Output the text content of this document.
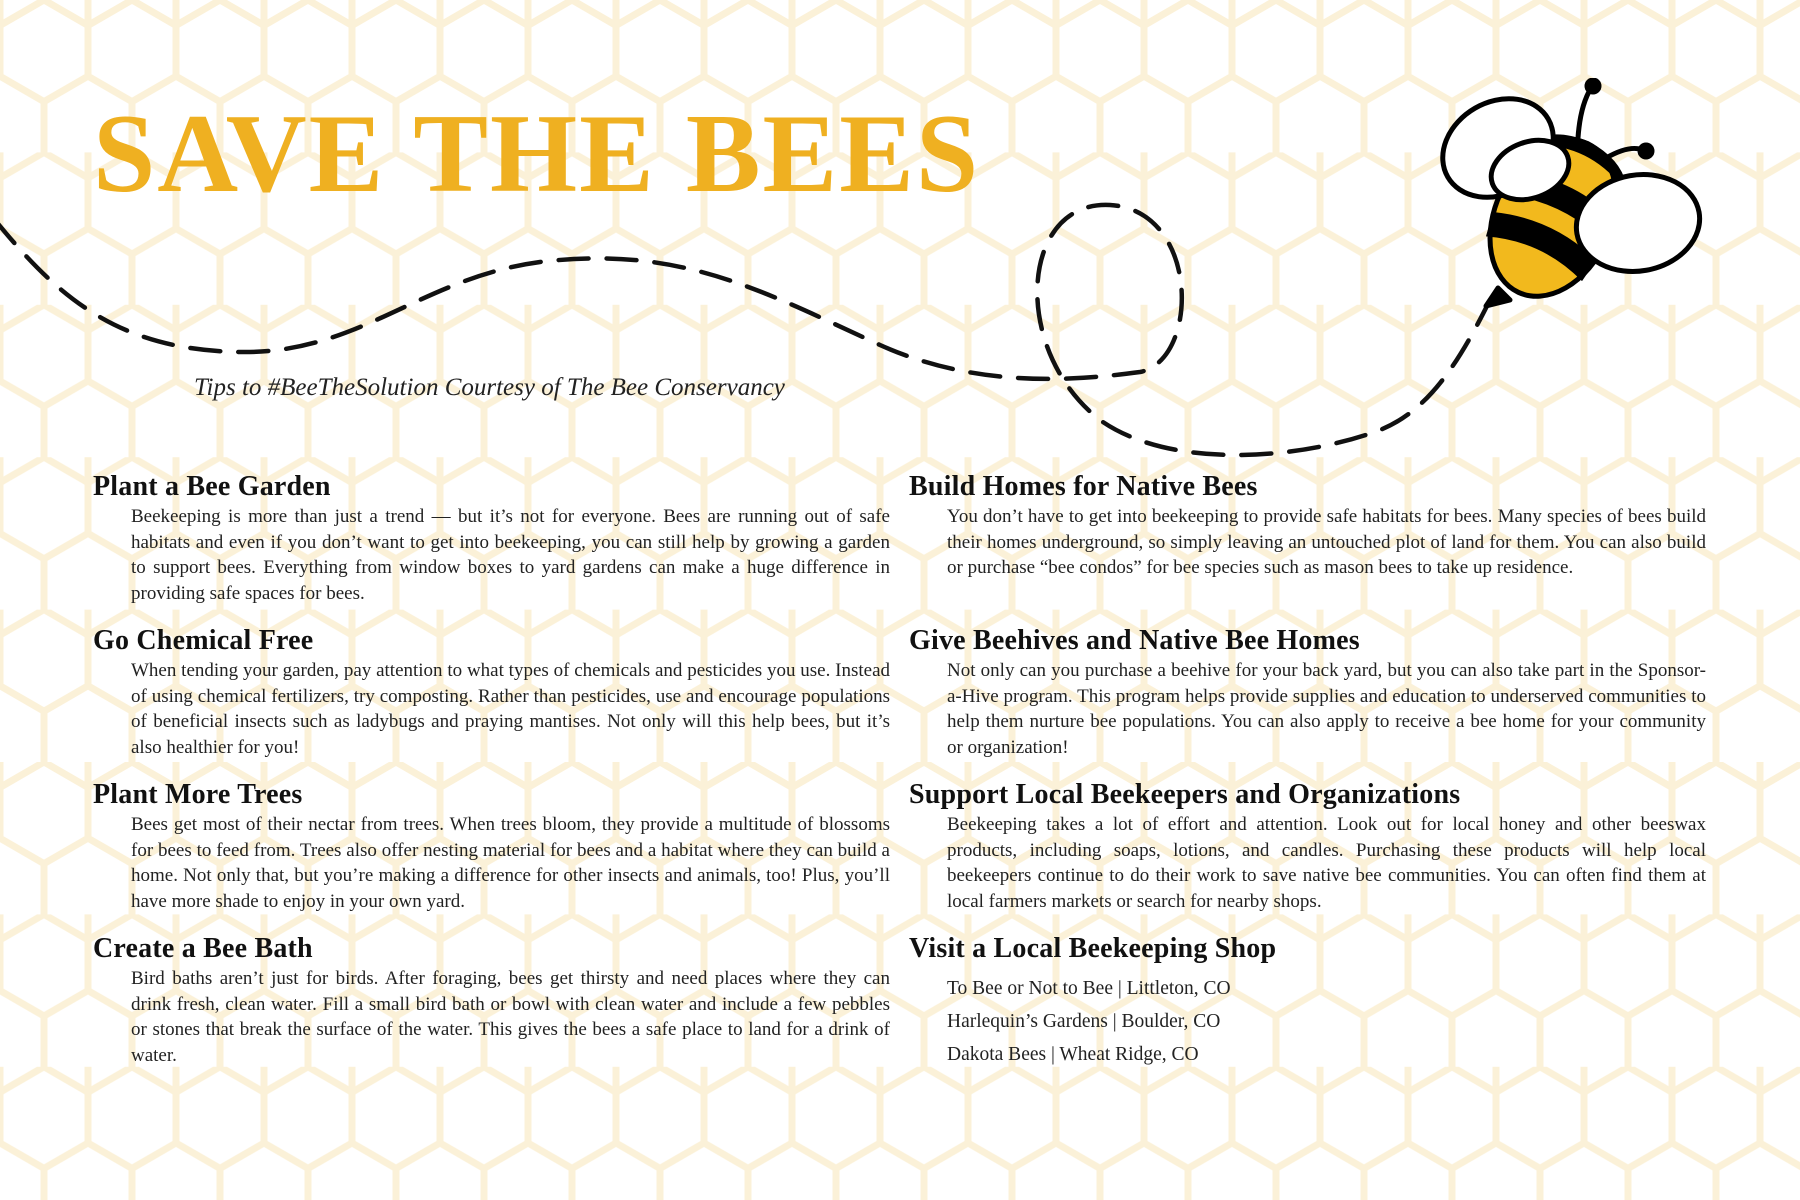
SAVE THE BEES
Tips to #BeeTheSolution Courtesy of The Bee Conservancy
Plant a Bee Garden

Beekeeping is more than just a trend — but it’s not for everyone. Bees are running out of safe habitats and even if you don’t want to get into beekeeping, you can still help by growing a garden to support bees. Everything from window boxes to yard gardens can make a huge difference in providing safe spaces for bees.

Go Chemical Free

When tending your garden, pay attention to what types of chemicals and pesticides you use. Instead of using chemical fertilizers, try composting. Rather than pesticides, use and encourage populations of beneficial insects such as ladybugs and praying mantises. Not only will this help bees, but it’s also healthier for you!

Plant More Trees

Bees get most of their nectar from trees. When trees bloom, they provide a multitude of blossoms for bees to feed from. Trees also offer nesting material for bees and a habitat where they can build a home. Not only that, but you’re making a difference for other insects and animals, too! Plus, you’ll have more shade to enjoy in your own yard.

Create a Bee Bath

Bird baths aren’t just for birds. After foraging, bees get thirsty and need places where they can drink fresh, clean water. Fill a small bird bath or bowl with clean water and include a few pebbles or stones that break the surface of the water. This gives the bees a safe place to land for a drink of water.

Build Homes for Native Bees

You don’t have to get into beekeeping to provide safe habitats for bees. Many species of bees build their homes underground, so simply leaving an untouched plot of land for them. You can also build or purchase “bee condos” for bee species such as mason bees to take up residence.

Give Beehives and Native Bee Homes

Not only can you purchase a beehive for your back yard, but you can also take part in the Sponsor-a-Hive program. This program helps provide supplies and education to underserved communities to help them nurture bee populations. You can also apply to receive a bee home for your community or organization!

Support Local Beekeepers and Organizations

Beekeeping takes a lot of effort and attention. Look out for local honey and other beeswax products, including soaps, lotions, and candles. Purchasing these products will help local beekeepers continue to do their work to save native bee communities. You can often find them at local farmers markets or search for nearby shops.

Visit a Local Beekeeping Shop
To Bee or Not to Bee | Littleton, CO
Harlequin’s Gardens | Boulder, CO
Dakota Bees | Wheat Ridge, CO
